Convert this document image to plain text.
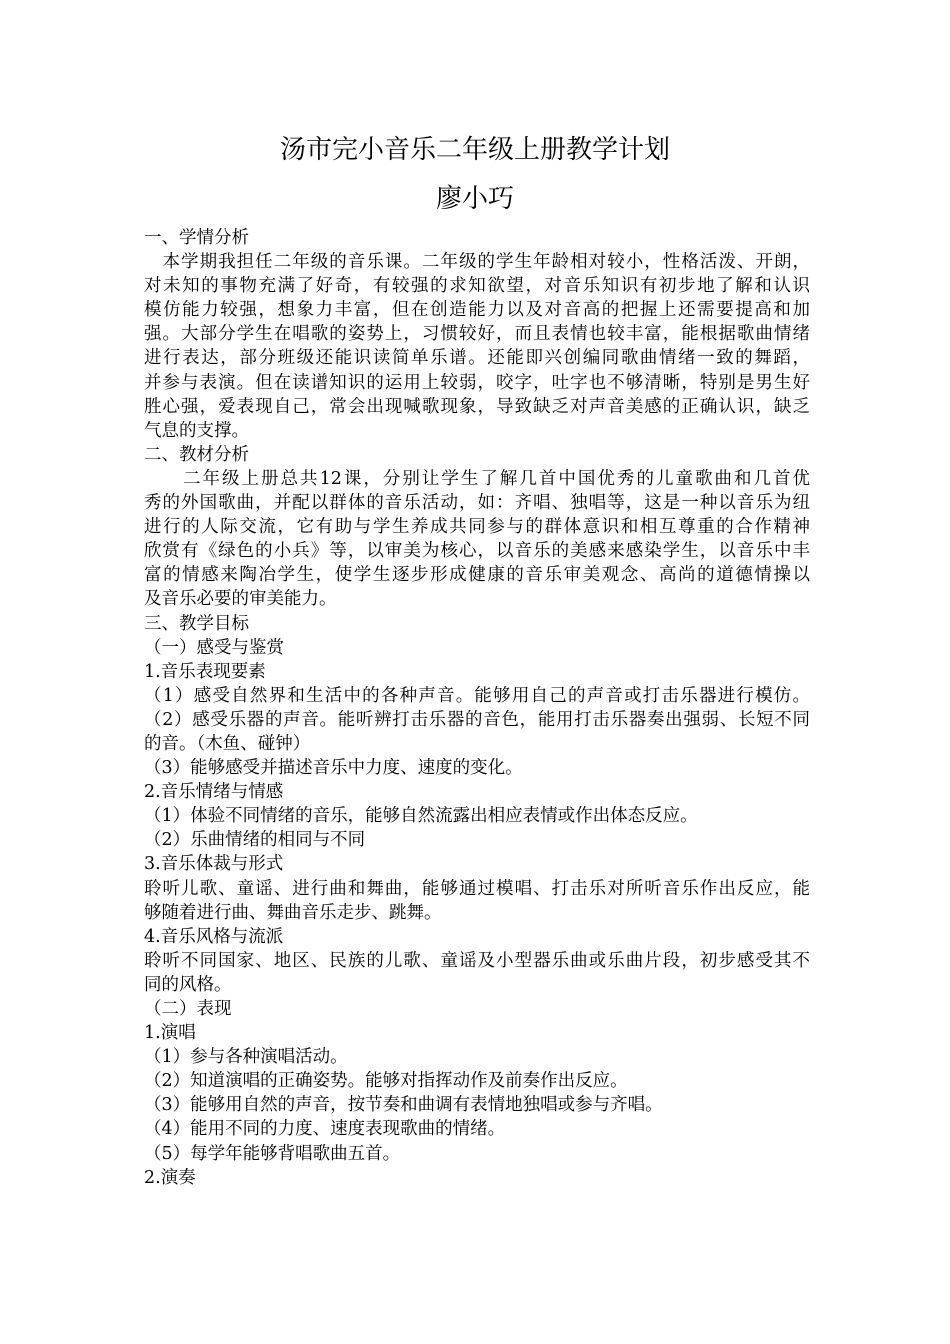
汤市完小音乐二年级上册教学计划
廖小巧
一、学情分析
　本学期我担任二年级的音乐课。二年级的学生年龄相对较小，性格活泼、开朗，
对未知的事物充满了好奇，有较强的求知欲望，对音乐知识有初步地了解和认识
模仿能力较强，想象力丰富，但在创造能力以及对音高的把握上还需要提高和加
强。大部分学生在唱歌的姿势上，习惯较好，而且表情也较丰富，能根据歌曲情绪
进行表达，部分班级还能识读简单乐谱。还能即兴创编同歌曲情绪一致的舞蹈，
并参与表演。但在读谱知识的运用上较弱，咬字，吐字也不够清晰，特别是男生好
胜心强，爱表现自己，常会出现喊歌现象，导致缺乏对声音美感的正确认识，缺乏
气息的支撑。
二、教材分析
　　二年级上册总共12课，分别让学生了解几首中国优秀的儿童歌曲和几首优
秀的外国歌曲，并配以群体的音乐活动，如：齐唱、独唱等，这是一种以音乐为纽
进行的人际交流，它有助与学生养成共同参与的群体意识和相互尊重的合作精神
欣赏有《绿色的小兵》等，以审美为核心，以音乐的美感来感染学生，以音乐中丰
富的情感来陶冶学生，使学生逐步形成健康的音乐审美观念、高尚的道德情操以
及音乐必要的审美能力。
三、教学目标
（一）感受与鉴赏
1.音乐表现要素
（1）感受自然界和生活中的各种声音。能够用自己的声音或打击乐器进行模仿。
（2）感受乐器的声音。能听辨打击乐器的音色，能用打击乐器奏出强弱、长短不同
的音。（木鱼、碰钟）
（3）能够感受并描述音乐中力度、速度的变化。
2.音乐情绪与情感
（1）体验不同情绪的音乐，能够自然流露出相应表情或作出体态反应。
（2）乐曲情绪的相同与不同
3.音乐体裁与形式
聆听儿歌、童谣、进行曲和舞曲，能够通过模唱、打击乐对所听音乐作出反应，能
够随着进行曲、舞曲音乐走步、跳舞。
4.音乐风格与流派
聆听不同国家、地区、民族的儿歌、童谣及小型器乐曲或乐曲片段，初步感受其不
同的风格。
（二）表现
1.演唱
（1）参与各种演唱活动。
（2）知道演唱的正确姿势。能够对指挥动作及前奏作出反应。
（3）能够用自然的声音，按节奏和曲调有表情地独唱或参与齐唱。
（4）能用不同的力度、速度表现歌曲的情绪。
（5）每学年能够背唱歌曲五首。
2.演奏
